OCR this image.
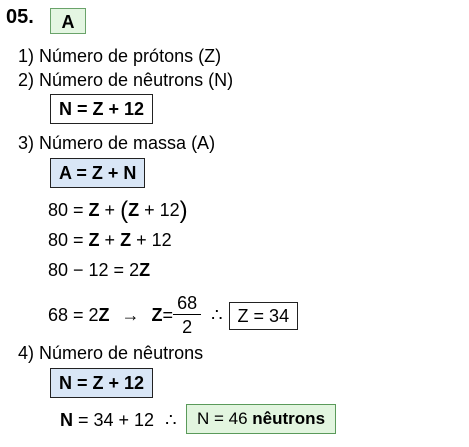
05.	A
1) Número de prótons (Z)
2) Número de nêutrons (N)
N = Z + 12
3) Número de massa (A)
A = Z + N
80 = Z + (Z + 12)
80 = Z + Z + 12
80 − 12 = 2Z
68 = 2 $Z \to Z = \frac{68}{2}$ ∴ Z = 34
4) Número de nêutrons
N = Z + 12
N = 34 + 12 ∴	N = 46 nêutrons
